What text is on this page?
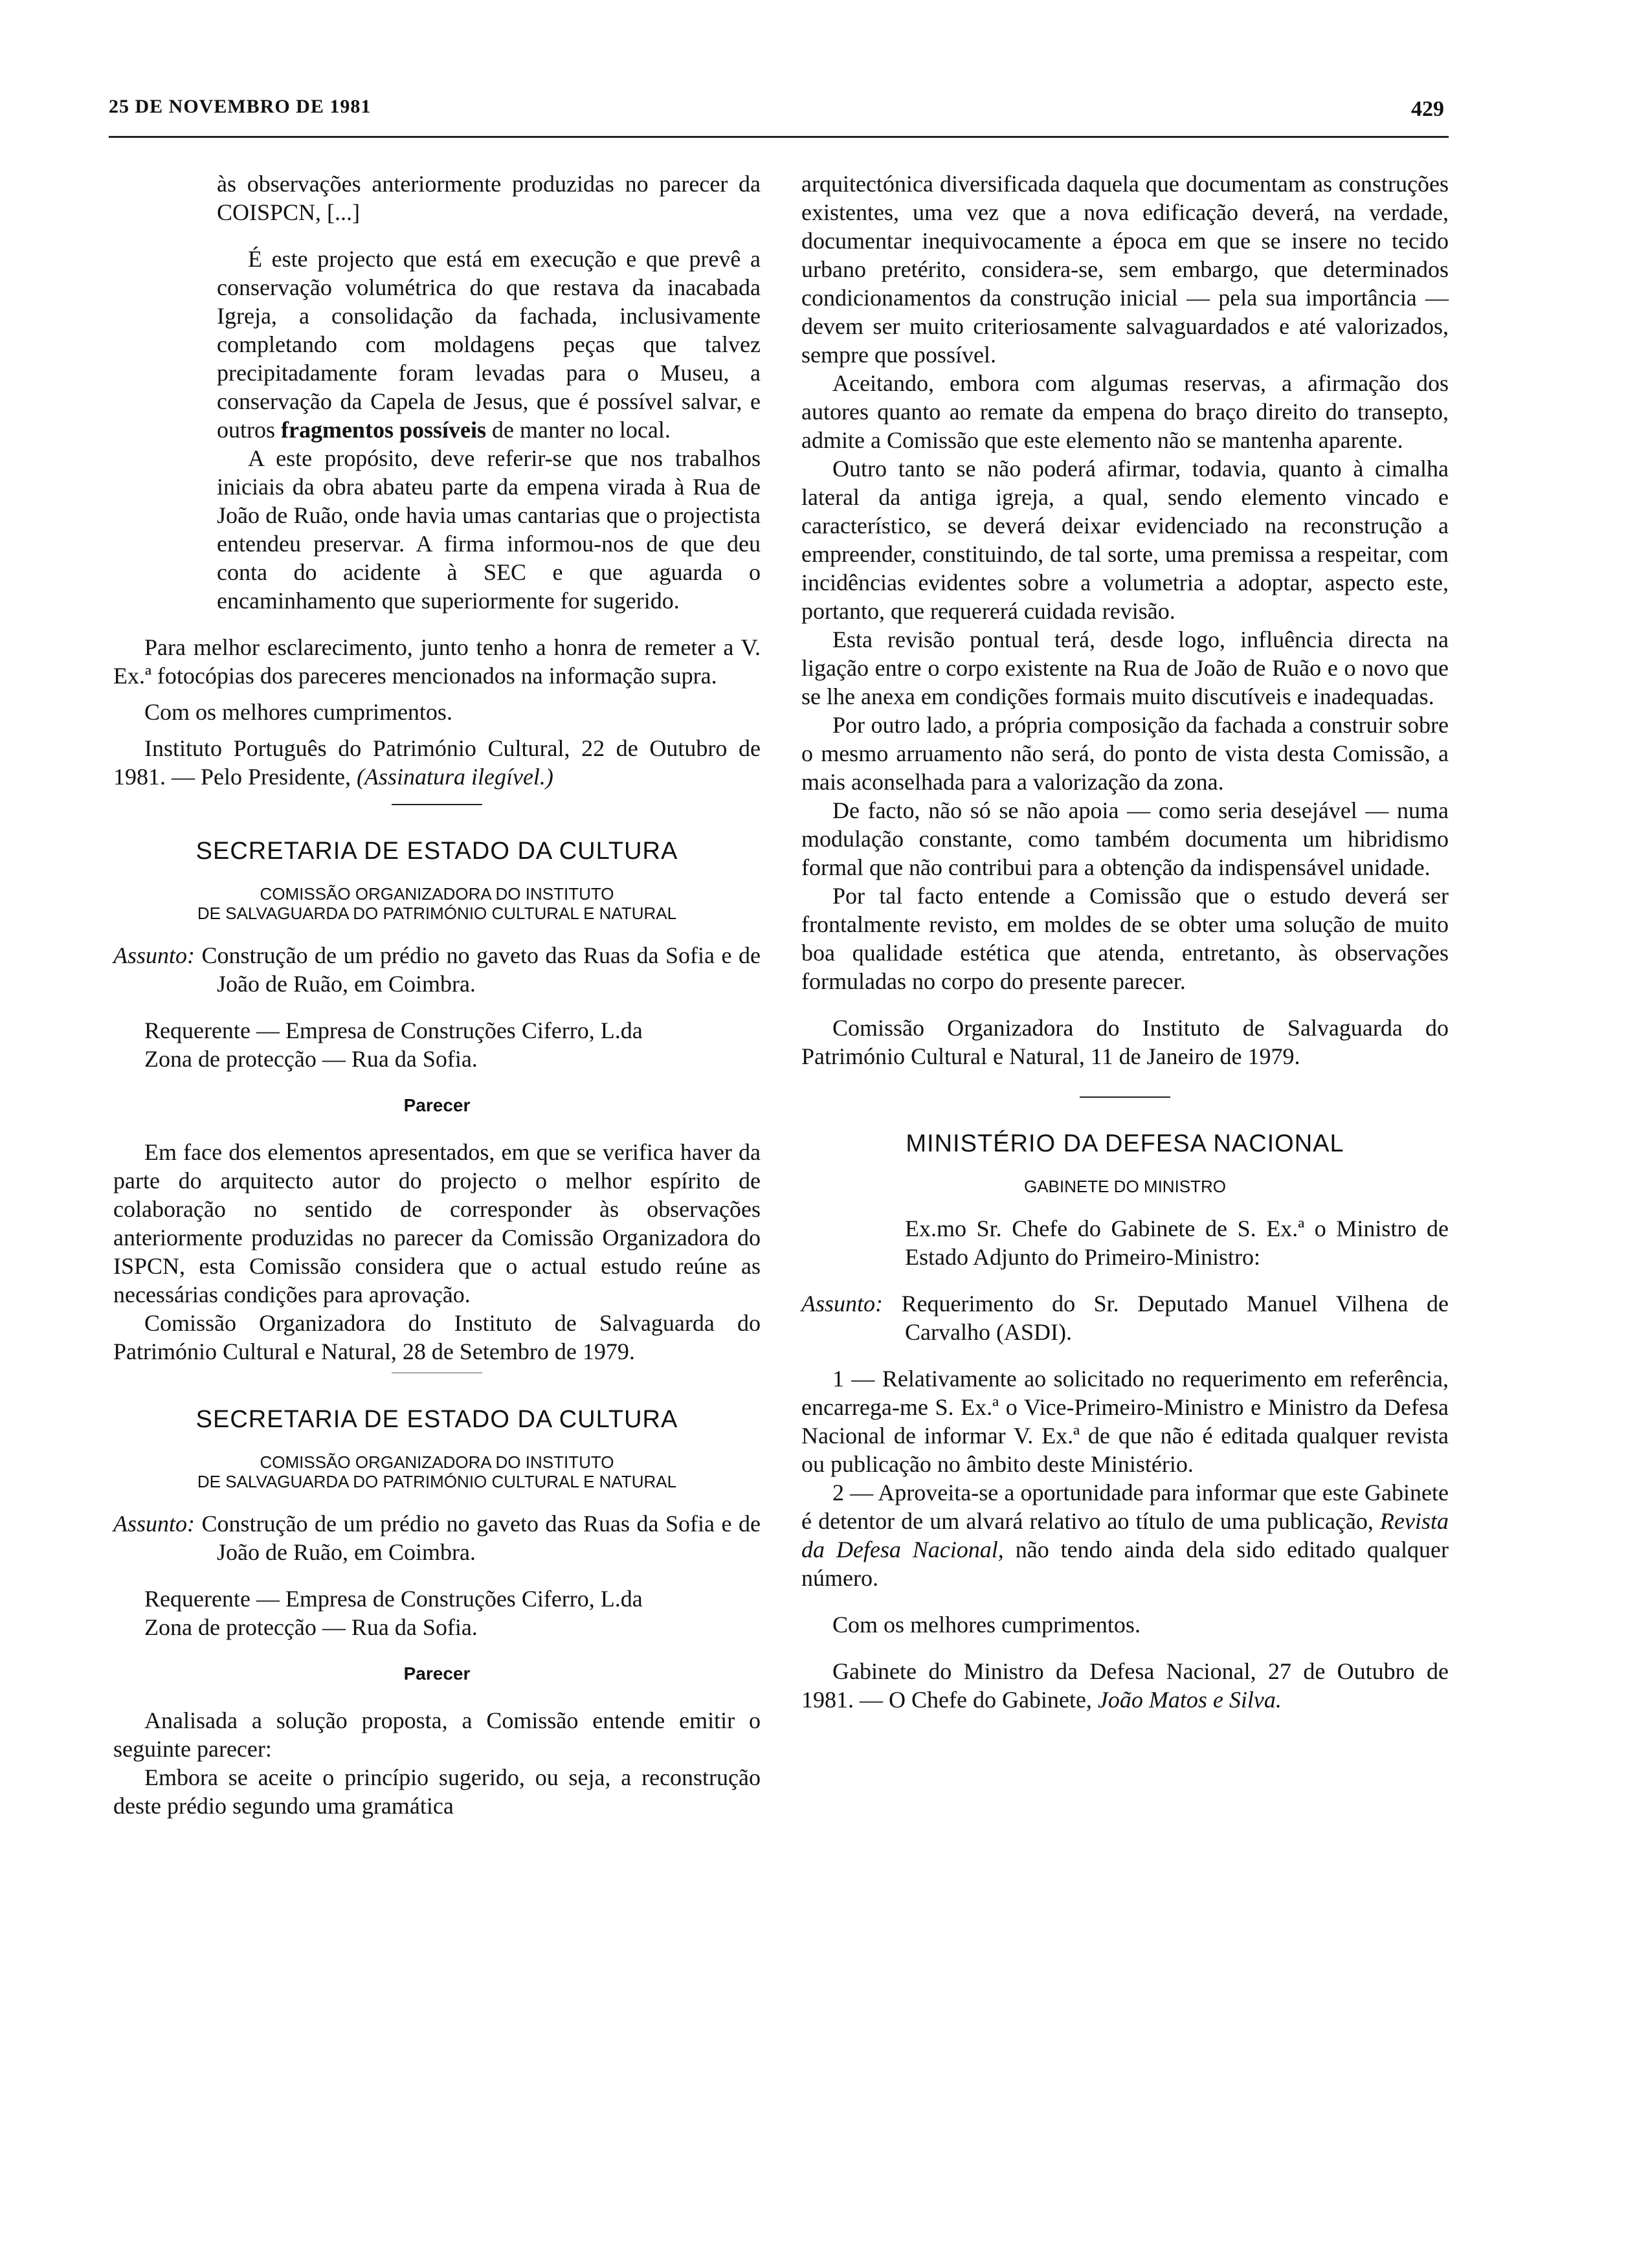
25 DE NOVEMBRO DE 1981	429

às observações anteriormente produzidas no parecer da COISPCN, [...]

É este projecto que está em execução e que prevê a conservação volumétrica do que restava da inacabada Igreja, a consolidação da fachada, inclusivamente completando com moldagens peças que talvez precipitadamente foram levadas para o Museu, a conservação da Capela de Jesus, que é possível salvar, e outros fragmentos possíveis de manter no local.

A este propósito, deve referir-se que nos trabalhos iniciais da obra abateu parte da empena virada à Rua de João de Ruão, onde havia umas cantarias que o projectista entendeu preservar. A firma informou-nos de que deu conta do acidente à SEC e que aguarda o encaminhamento que superiormente for sugerido.

Para melhor esclarecimento, junto tenho a honra de remeter a V. Ex.ª fotocópias dos pareceres mencionados na informação supra.

Com os melhores cumprimentos.

Instituto Português do Património Cultural, 22 de Outubro de 1981. — Pelo Presidente, (Assinatura ilegível.)

SECRETARIA DE ESTADO DA CULTURA
COMISSÃO ORGANIZADORA DO INSTITUTO
DE SALVAGUARDA DO PATRIMÓNIO CULTURAL E NATURAL

Assunto: Construção de um prédio no gaveto das Ruas da Sofia e de João de Ruão, em Coimbra.

Requerente — Empresa de Construções Ciferro, L.da

Zona de protecção — Rua da Sofia.

Parecer

Em face dos elementos apresentados, em que se verifica haver da parte do arquitecto autor do projecto o melhor espírito de colaboração no sentido de corresponder às observações anteriormente produzidas no parecer da Comissão Organizadora do ISPCN, esta Comissão considera que o actual estudo reúne as necessárias condições para aprovação.

Comissão Organizadora do Instituto de Salvaguarda do Património Cultural e Natural, 28 de Setembro de 1979.

SECRETARIA DE ESTADO DA CULTURA
COMISSÃO ORGANIZADORA DO INSTITUTO
DE SALVAGUARDA DO PATRIMÓNIO CULTURAL E NATURAL

Assunto: Construção de um prédio no gaveto das Ruas da Sofia e de João de Ruão, em Coimbra.

Requerente — Empresa de Construções Ciferro, L.da

Zona de protecção — Rua da Sofia.

Parecer

Analisada a solução proposta, a Comissão entende emitir o seguinte parecer:

Embora se aceite o princípio sugerido, ou seja, a reconstrução deste prédio segundo uma gramática

arquitectónica diversificada daquela que documentam as construções existentes, uma vez que a nova edificação deverá, na verdade, documentar inequivocamente a época em que se insere no tecido urbano pretérito, considera-se, sem embargo, que determinados condicionamentos da construção inicial — pela sua importância — devem ser muito criteriosamente salvaguardados e até valorizados, sempre que possível.

Aceitando, embora com algumas reservas, a afirmação dos autores quanto ao remate da empena do braço direito do transepto, admite a Comissão que este elemento não se mantenha aparente.

Outro tanto se não poderá afirmar, todavia, quanto à cimalha lateral da antiga igreja, a qual, sendo elemento vincado e característico, se deverá deixar evidenciado na reconstrução a empreender, constituindo, de tal sorte, uma premissa a respeitar, com incidências evidentes sobre a volumetria a adoptar, aspecto este, portanto, que requererá cuidada revisão.

Esta revisão pontual terá, desde logo, influência directa na ligação entre o corpo existente na Rua de João de Ruão e o novo que se lhe anexa em condições formais muito discutíveis e inadequadas.

Por outro lado, a própria composição da fachada a construir sobre o mesmo arruamento não será, do ponto de vista desta Comissão, a mais aconselhada para a valorização da zona.

De facto, não só se não apoia — como seria desejável — numa modulação constante, como também documenta um hibridismo formal que não contribui para a obtenção da indispensável unidade.

Por tal facto entende a Comissão que o estudo deverá ser frontalmente revisto, em moldes de se obter uma solução de muito boa qualidade estética que atenda, entretanto, às observações formuladas no corpo do presente parecer.

Comissão Organizadora do Instituto de Salvaguarda do Património Cultural e Natural, 11 de Janeiro de 1979.

MINISTÉRIO DA DEFESA NACIONAL
GABINETE DO MINISTRO

Ex.mo Sr. Chefe do Gabinete de S. Ex.ª o Ministro de Estado Adjunto do Primeiro-Ministro:

Assunto: Requerimento do Sr. Deputado Manuel Vilhena de Carvalho (ASDI).

1 — Relativamente ao solicitado no requerimento em referência, encarrega-me S. Ex.ª o Vice-Primeiro-Ministro e Ministro da Defesa Nacional de informar V. Ex.ª de que não é editada qualquer revista ou publicação no âmbito deste Ministério.

2 — Aproveita-se a oportunidade para informar que este Gabinete é detentor de um alvará relativo ao título de uma publicação, Revista da Defesa Nacional, não tendo ainda dela sido editado qualquer número.

Com os melhores cumprimentos.

Gabinete do Ministro da Defesa Nacional, 27 de Outubro de 1981. — O Chefe do Gabinete, João Matos e Silva.
